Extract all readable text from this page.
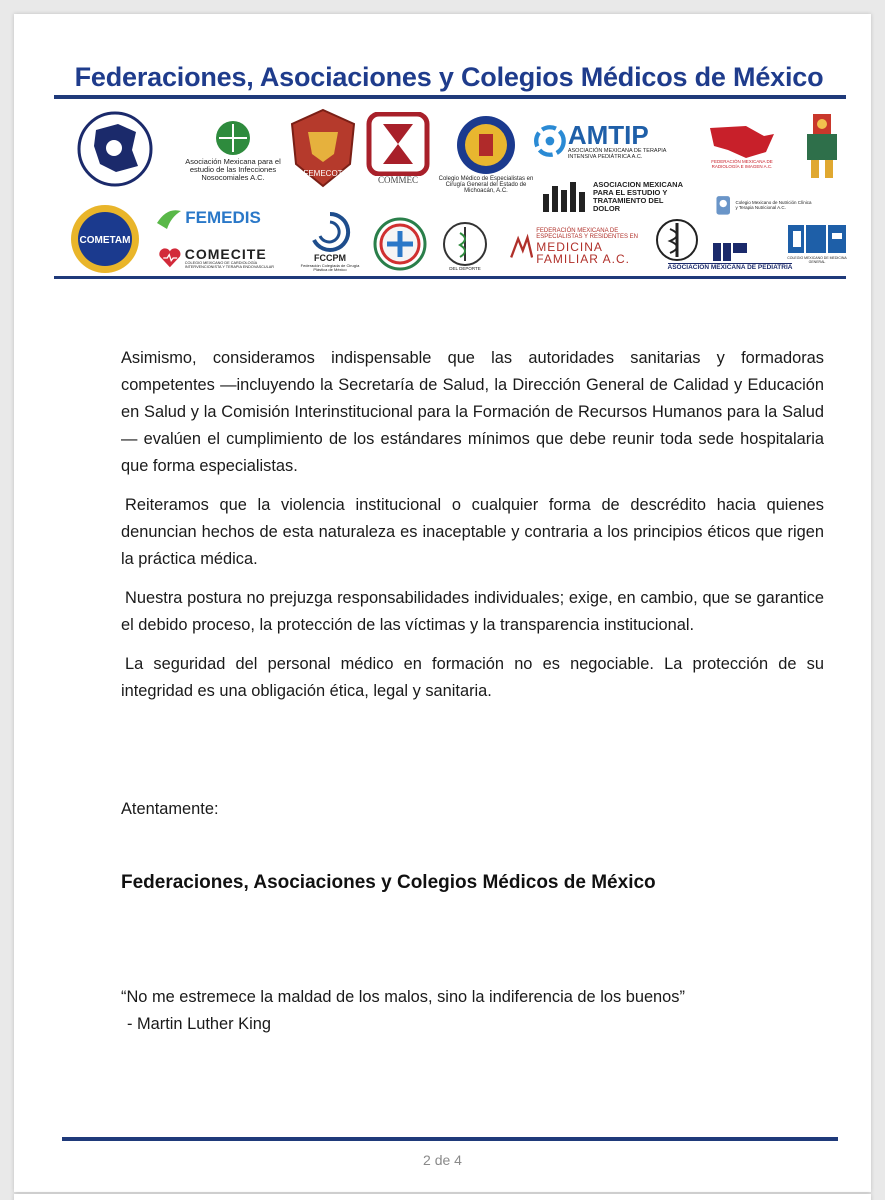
Federaciones, Asociaciones y Colegios Médicos de México
Asociación Mexicana para el estudio de las Infecciones Nosocomiales A.C.	FEMECOT
COMMEC	Colegio Médico de Especialistas en Cirugía General del Estado de Michoacán, A.C.
AMTIP
ASOCIACIÓN MEXICANA DE TERAPIA INTENSIVA PEDIÁTRICA A.C.
ASOCIACION MEXICANA PARA EL ESTUDIO Y TRATAMIENTO DEL DOLOR
FEDERACIÓN MEXICANA DE RADIOLOGÍA E IMAGEN A.C.
COMETAM
FEMEDIS
COMECITE
COLEGIO MEXICANO DE CARDIOLOGÍA INTERVENCIONISTA Y TERAPIA ENDOVASCULAR
FCCPM
Federación Colegiada de Cirugía Plástica de México	DEL DEPORTE
FEDERACIÓN MEXICANA DE ESPECIALISTAS Y RESIDENTES EN
MEDICINA FAMILIAR A.C.
ASOCIACION MEXICANA DE PEDIATRIA
Colegio Mexicano de Nutrición Clínica y Terapia Nutricional A.C.
COLEGIO MEXICANO DE MEDICINA GENERAL

Asimismo, consideramos indispensable que las autoridades sanitarias y formadoras competentes —incluyendo la Secretaría de Salud, la Dirección General de Calidad y Educación en Salud y la Comisión Interinstitucional para la Formación de Recursos Humanos para la Salud— evalúen el cumplimiento de los estándares mínimos que debe reunir toda sede hospitalaria que forma especialistas.

Reiteramos que la violencia institucional o cualquier forma de descrédito hacia quienes denuncian hechos de esta naturaleza es inaceptable y contraria a los principios éticos que rigen la práctica médica.

Nuestra postura no prejuzga responsabilidades individuales; exige, en cambio, que se garantice el debido proceso, la protección de las víctimas y la transparencia institucional.

La seguridad del personal médico en formación no es negociable. La protección de su integridad es una obligación ética, legal y sanitaria.

Atentamente:
Federaciones, Asociaciones y Colegios Médicos de México
“No me estremece la maldad de los malos, sino la indiferencia de los buenos”
- Martin Luther King
2 de 4
